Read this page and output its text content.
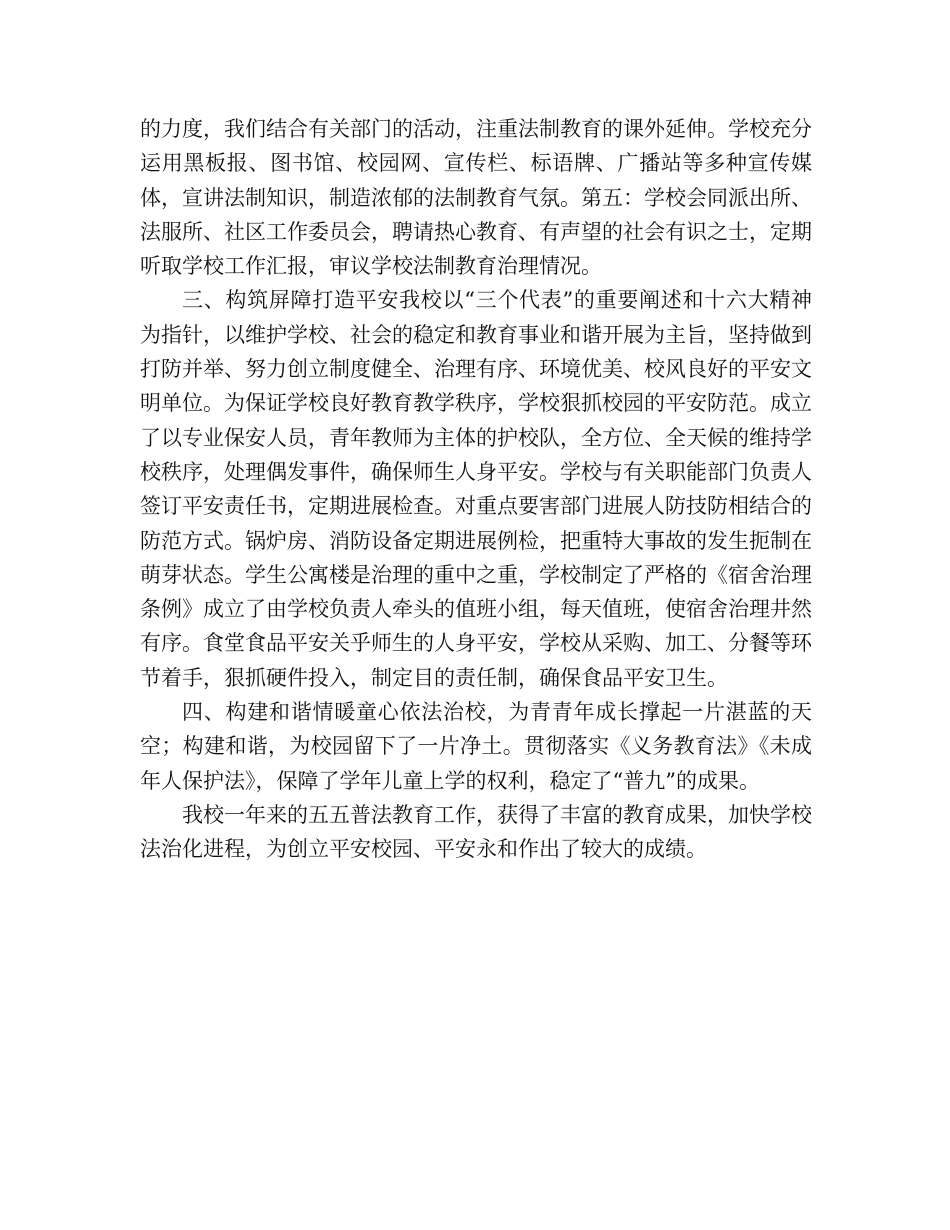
的力度，我们结合有关部门的活动，注重法制教育的课外延伸。学校充分运用黑板报、图书馆、校园网、宣传栏、标语牌、广播站等多种宣传媒体，宣讲法制知识，制造浓郁的法制教育气氛。第五：学校会同派出所、法服所、社区工作委员会，聘请热心教育、有声望的社会有识之士，定期听取学校工作汇报，审议学校法制教育治理情况。

三、构筑屏障打造平安我校以“三个代表”的重要阐述和十六大精神为指针，以维护学校、社会的稳定和教育事业和谐开展为主旨，坚持做到打防并举、努力创立制度健全、治理有序、环境优美、校风良好的平安文明单位。为保证学校良好教育教学秩序，学校狠抓校园的平安防范。成立了以专业保安人员，青年教师为主体的护校队，全方位、全天候的维持学校秩序，处理偶发事件，确保师生人身平安。学校与有关职能部门负责人签订平安责任书，定期进展检查。对重点要害部门进展人防技防相结合的防范方式。锅炉房、消防设备定期进展例检，把重特大事故的发生扼制在萌芽状态。学生公寓楼是治理的重中之重，学校制定了严格的《宿舍治理条例》成立了由学校负责人牵头的值班小组，每天值班，使宿舍治理井然有序。食堂食品平安关乎师生的人身平安，学校从采购、加工、分餐等环节着手，狠抓硬件投入，制定目的责任制，确保食品平安卫生。

四、构建和谐情暖童心依法治校，为青青年成长撑起一片湛蓝的天空；构建和谐，为校园留下了一片净土。贯彻落实《义务教育法》《未成年人保护法》，保障了学年儿童上学的权利，稳定了“普九”的成果。

我校一年来的五五普法教育工作，获得了丰富的教育成果，加快学校法治化进程，为创立平安校园、平安永和作出了较大的成绩。
